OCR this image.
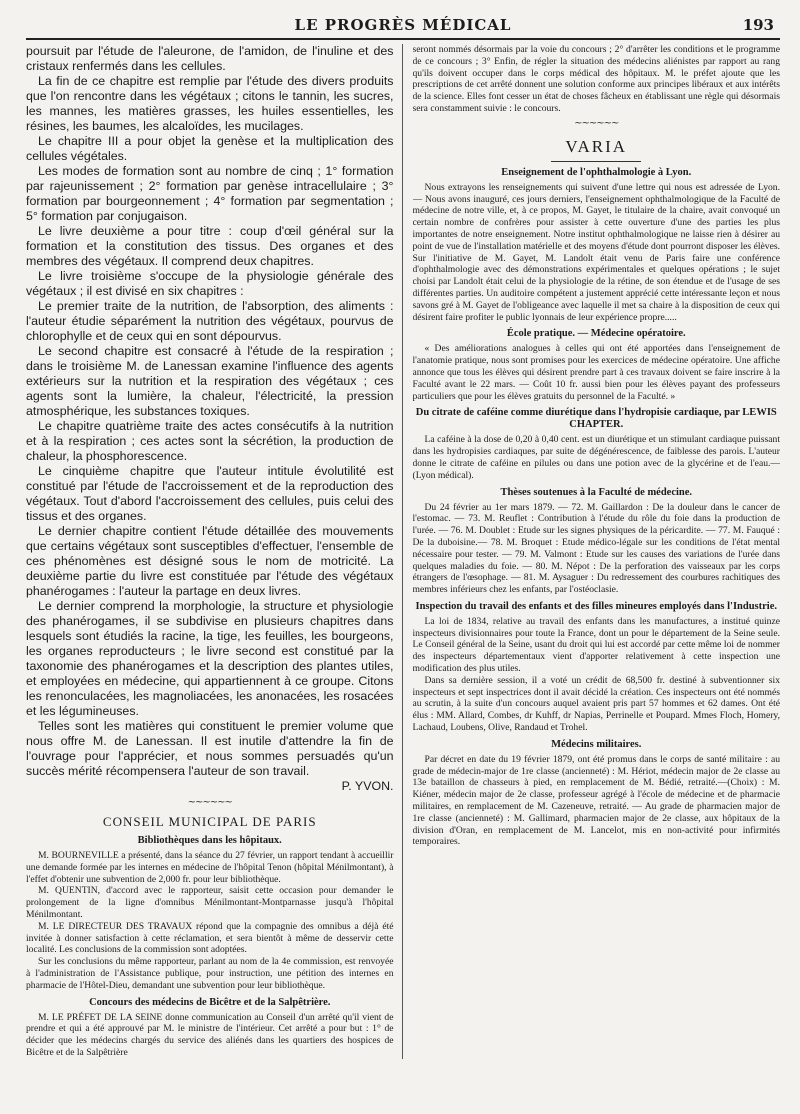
LE PROGRÈS MÉDICAL	193

poursuit par l'étude de l'aleurone, de l'amidon, de l'inuline et des cristaux renfermés dans les cellules.

La fin de ce chapitre est remplie par l'étude des divers produits que l'on rencontre dans les végétaux ; citons le tannin, les sucres, les mannes, les matières grasses, les huiles essentielles, les résines, les baumes, les alcaloïdes, les mucilages.

Le chapitre III a pour objet la genèse et la multiplication des cellules végétales.

Les modes de formation sont au nombre de cinq ; 1° formation par rajeunissement ; 2° formation par genèse intracellulaire ; 3° formation par bourgeonnement ; 4° formation par segmentation ; 5° formation par conjugaison.

Le livre deuxième a pour titre : coup d'œil général sur la formation et la constitution des tissus. Des organes et des membres des végétaux. Il comprend deux chapitres.

Le livre troisième s'occupe de la physiologie générale des végétaux ; il est divisé en six chapitres :

Le premier traite de la nutrition, de l'absorption, des aliments : l'auteur étudie séparément la nutrition des végétaux, pourvus de chlorophylle et de ceux qui en sont dépourvus.

Le second chapitre est consacré à l'étude de la respiration ; dans le troisième M. de Lanessan examine l'influence des agents extérieurs sur la nutrition et la respiration des végétaux ; ces agents sont la lumière, la chaleur, l'électricité, la pression atmosphérique, les substances toxiques.

Le chapitre quatrième traite des actes consécutifs à la nutrition et à la respiration ; ces actes sont la sécrétion, la production de chaleur, la phosphorescence.

Le cinquième chapitre que l'auteur intitule évolutilité est constitué par l'étude de l'accroissement et de la reproduction des végétaux. Tout d'abord l'accroissement des cellules, puis celui des tissus et des organes.

Le dernier chapitre contient l'étude détaillée des mouvements que certains végétaux sont susceptibles d'effectuer, l'ensemble de ces phénomènes est désigné sous le nom de motricité. La deuxième partie du livre est constituée par l'étude des végétaux phanérogames : l'auteur la partage en deux livres.

Le dernier comprend la morphologie, la structure et physiologie des phanérogames, il se subdivise en plusieurs chapitres dans lesquels sont étudiés la racine, la tige, les feuilles, les bourgeons, les organes reproducteurs ; le livre second est constitué par la taxonomie des phanérogames et la description des plantes utiles, et employées en médecine, qui appartiennent à ce groupe. Citons les renonculacées, les magnoliacées, les anonacées, les rosacées et les légumineuses.

Telles sont les matières qui constituent le premier volume que nous offre M. de Lanessan. Il est inutile d'attendre la fin de l'ouvrage pour l'apprécier, et nous sommes persuadés qu'un succès mérité récompensera l'auteur de son travail.

P. YVON.

~~~~~~
CONSEIL MUNICIPAL DE PARIS
Bibliothèques dans les hôpitaux.

M. BOURNEVILLE a présenté, dans la séance du 27 février, un rapport tendant à accueillir une demande formée par les internes en médecine de l'hôpital Tenon (hôpital Ménilmontant), à l'effet d'obtenir une subvention de 2,000 fr. pour leur bibliothèque.

M. QUENTIN, d'accord avec le rapporteur, saisit cette occasion pour demander le prolongement de la ligne d'omnibus Ménilmontant-Montparnasse jusqu'à l'hôpital Ménilmontant.

M. LE DIRECTEUR DES TRAVAUX répond que la compagnie des omnibus a déjà été invitée à donner satisfaction à cette réclamation, et sera bientôt à même de desservir cette localité. Les conclusions de la commission sont adoptées.

Sur les conclusions du même rapporteur, parlant au nom de la 4e commission, est renvoyée à l'administration de l'Assistance publique, pour instruction, une pétition des internes en pharmacie de l'Hôtel-Dieu, demandant une subvention pour leur bibliothèque.

Concours des médecins de Bicêtre et de la Salpêtrière.

M. LE PRÉFET DE LA SEINE donne communication au Conseil d'un arrêté qu'il vient de prendre et qui a été approuvé par M. le ministre de l'intérieur. Cet arrêté a pour but : 1° de décider que les médecins chargés du service des aliénés dans les quartiers des hospices de Bicêtre et de la Salpêtrière

seront nommés désormais par la voie du concours ; 2° d'arrêter les conditions et le programme de ce concours ; 3° Enfin, de régler la situation des médecins aliénistes par rapport au rang qu'ils doivent occuper dans le corps médical des hôpitaux. M. le préfet ajoute que les prescriptions de cet arrêté donnent une solution conforme aux principes libéraux et aux intérêts de la science. Elles font cesser un état de choses fâcheux en établissant une règle qui désormais sera constamment suivie : le concours.

~~~~~~
VARIA
Enseignement de l'ophthalmologie à Lyon.

Nous extrayons les renseignements qui suivent d'une lettre qui nous est adressée de Lyon. — Nous avons inauguré, ces jours derniers, l'enseignement ophthalmologique de la Faculté de médecine de notre ville, et, à ce propos, M. Gayet, le titulaire de la chaire, avait convoqué un certain nombre de confrères pour assister à cette ouverture d'une des parties les plus importantes de notre enseignement. Notre institut ophthalmologique ne laisse rien à désirer au point de vue de l'installation matérielle et des moyens d'étude dont pourront disposer les élèves. Sur l'initiative de M. Gayet, M. Landolt était venu de Paris faire une conférence d'ophthalmologie avec des démonstrations expérimentales et quelques opérations ; le sujet choisi par Landolt était celui de la physiologie de la rétine, de son étendue et de l'usage de ses différentes parties. Un auditoire compétent a justement apprécié cette intéressante leçon et nous savons gré à M. Gayet de l'obligeance avec laquelle il met sa chaire à la disposition de ceux qui désirent faire profiter le public lyonnais de leur expérience propre.....

École pratique. — Médecine opératoire.

« Des améliorations analogues à celles qui ont été apportées dans l'enseignement de l'anatomie pratique, nous sont promises pour les exercices de médecine opératoire. Une affiche annonce que tous les élèves qui désirent prendre part à ces travaux doivent se faire inscrire à la Faculté avant le 22 mars. — Coût 10 fr. aussi bien pour les élèves payant des professeurs particuliers que pour les élèves gratuits du personnel de la Faculté. »

Du citrate de caféine comme diurétique dans l'hydropisie cardiaque, par LEWIS CHAPTER.

La caféine à la dose de 0,20 à 0,40 cent. est un diurétique et un stimulant cardiaque puissant dans les hydropisies cardiaques, par suite de dégénérescence, de faiblesse des parois. L'auteur donne le citrate de caféine en pilules ou dans une potion avec de la glycérine et de l'eau.— (Lyon médical).

Thèses soutenues à la Faculté de médecine.

Du 24 février au 1er mars 1879. — 72. M. Gaillardon : De la douleur dans le cancer de l'estomac. — 73. M. Reuflet : Contribution à l'étude du rôle du foie dans la production de l'urée. — 76. M. Doublet : Etude sur les signes physiques de la péricardite. — 77. M. Fauqué : De la duboisine.— 78. M. Broquet : Etude médico-légale sur les conditions de l'état mental nécessaire pour tester. — 79. M. Valmont : Etude sur les causes des variations de l'urée dans quelques maladies du foie. — 80. M. Népot : De la perforation des vaisseaux par les corps étrangers de l'œsophage. — 81. M. Aysaguer : Du redressement des courbures rachitiques des membres inférieurs chez les enfants, par l'ostéoclasie.

Inspection du travail des enfants et des filles mineures employés dans l'Industrie.

La loi de 1834, relative au travail des enfants dans les manufactures, a institué quinze inspecteurs divisionnaires pour toute la France, dont un pour le département de la Seine seule. Le Conseil général de la Seine, usant du droit qui lui est accordé par cette même loi de nommer des inspecteurs départementaux vient d'apporter relativement à cette inspection une modification des plus utiles.

Dans sa dernière session, il a voté un crédit de 68,500 fr. destiné à subventionner six inspecteurs et sept inspectrices dont il avait décidé la création. Ces inspecteurs ont été nommés au scrutin, à la suite d'un concours auquel avaient pris part 57 hommes et 62 dames. Ont été élus : MM. Allard, Combes, dr Kuhff, dr Napias, Perrinelle et Poupard. Mmes Floch, Homery, Lachaud, Loubens, Olive, Randaud et Trohel.

Médecins militaires.

Par décret en date du 19 février 1879, ont été promus dans le corps de santé militaire : au grade de médecin-major de 1re classe (ancienneté) : M. Hériot, médecin major de 2e classe au 13e bataillon de chasseurs à pied, en remplacement de M. Bédié, retraité.—(Choix) : M. Kiéner, médecin major de 2e classe, professeur agrégé à l'école de médecine et de pharmacie militaires, en remplacement de M. Cazeneuve, retraité. — Au grade de pharmacien major de 1re classe (ancienneté) : M. Gallimard, pharmacien major de 2e classe, aux hôpitaux de la division d'Oran, en remplacement de M. Lancelot, mis en non-activité pour infirmités temporaires.
